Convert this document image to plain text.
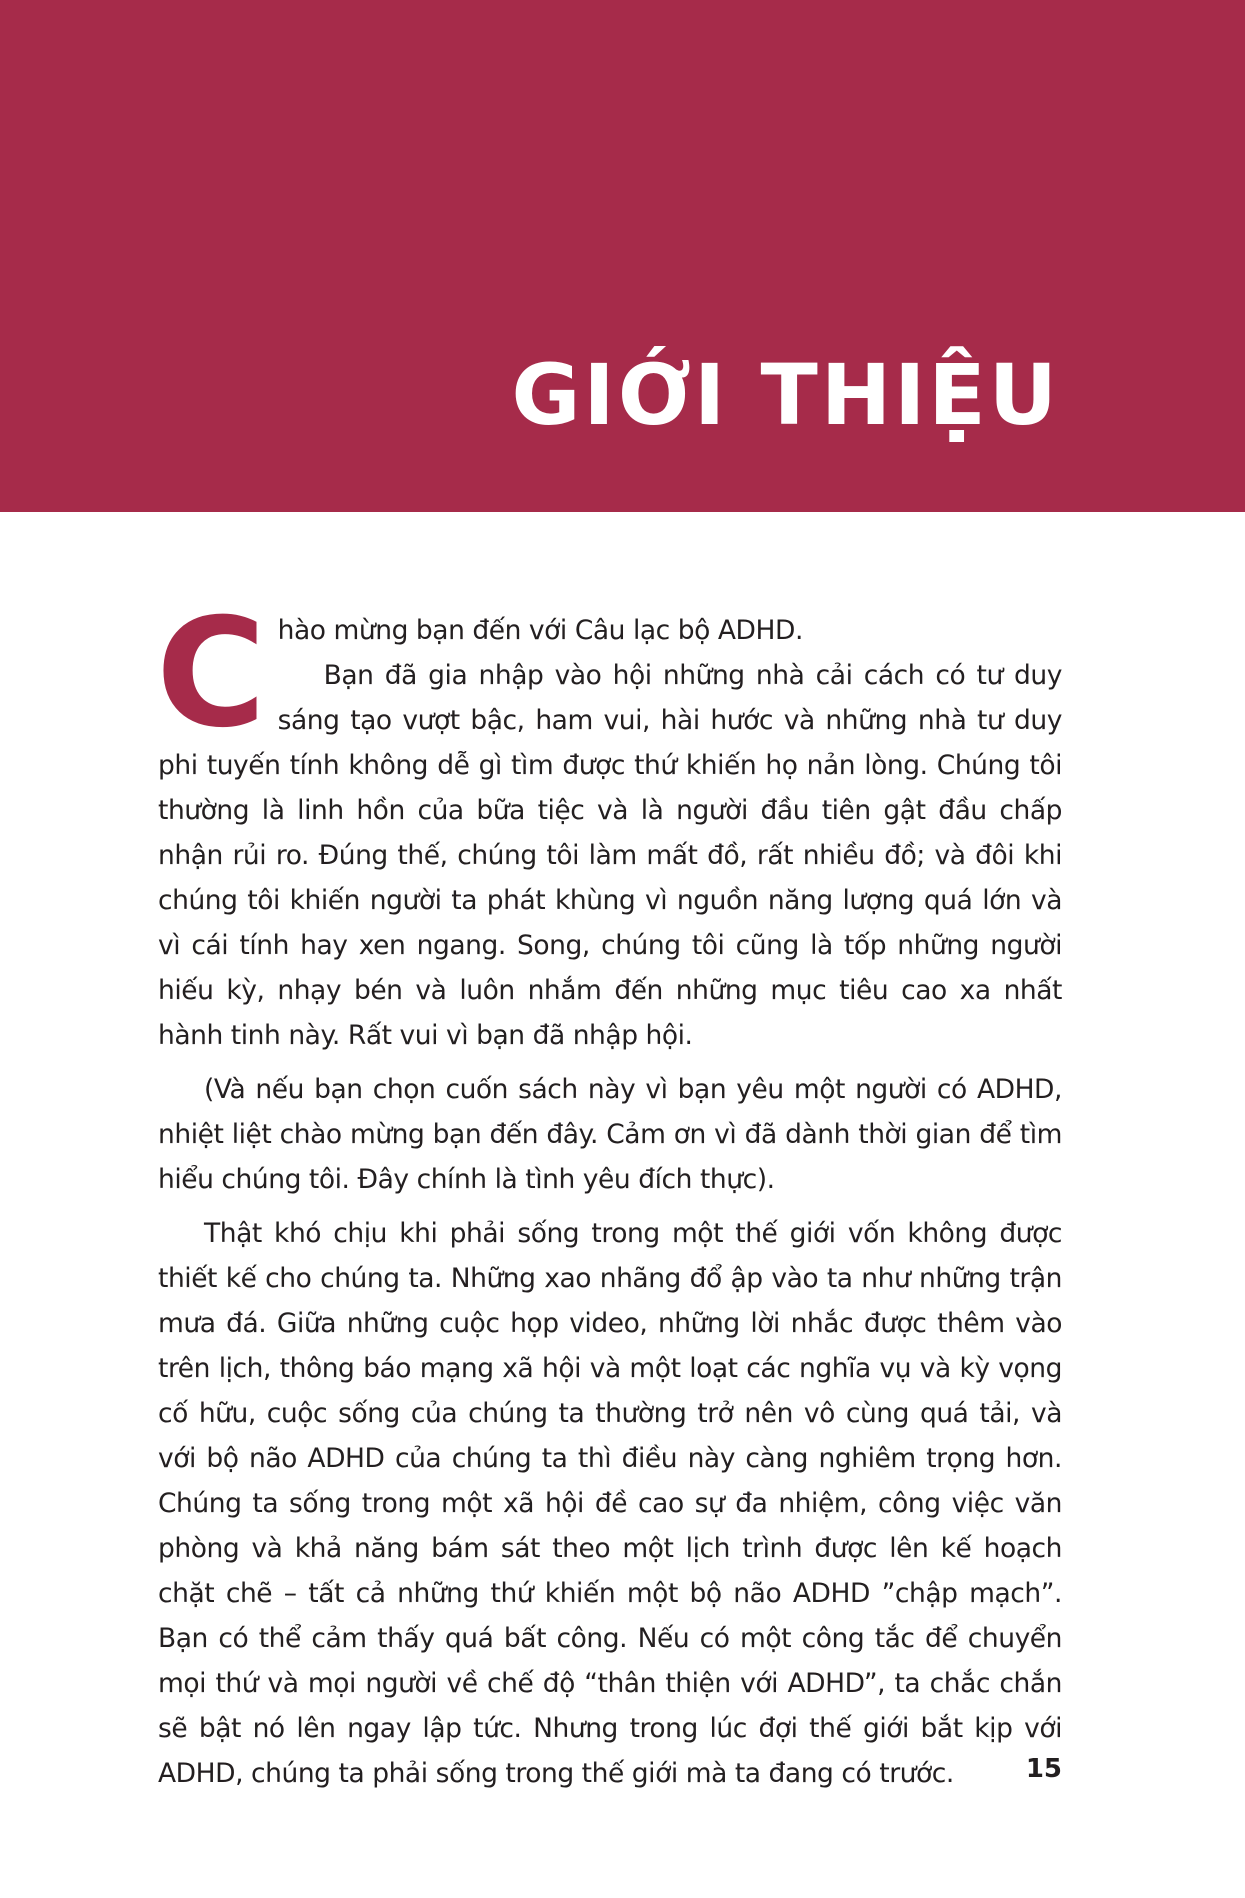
GIỚI THIỆU
C hào mừng bạn đến với Câu lạc bộ ADHD.

Bạn đã gia nhập vào hội những nhà cải cách có tư duy sáng tạo vượt bậc, ham vui, hài hước và những nhà tư duy phi tuyến tính không dễ gì tìm được thứ khiến họ nản lòng. Chúng tôi thường là linh hồn của bữa tiệc và là người đầu tiên gật đầu chấp nhận rủi ro. Đúng thế, chúng tôi làm mất đồ, rất nhiều đồ; và đôi khi chúng tôi khiến người ta phát khùng vì nguồn năng lượng quá lớn và vì cái tính hay xen ngang. Song, chúng tôi cũng là tốp những người hiếu kỳ, nhạy bén và luôn nhắm đến những mục tiêu cao xa nhất hành tinh này. Rất vui vì bạn đã nhập hội.

(Và nếu bạn chọn cuốn sách này vì bạn yêu một người có ADHD, nhiệt liệt chào mừng bạn đến đây. Cảm ơn vì đã dành thời gian để tìm hiểu chúng tôi. Đây chính là tình yêu đích thực).

Thật khó chịu khi phải sống trong một thế giới vốn không được thiết kế cho chúng ta. Những xao nhãng đổ ập vào ta như những trận mưa đá. Giữa những cuộc họp video, những lời nhắc được thêm vào trên lịch, thông báo mạng xã hội và một loạt các nghĩa vụ và kỳ vọng cố hữu, cuộc sống của chúng ta thường trở nên vô cùng quá tải, và với bộ não ADHD của chúng ta thì điều này càng nghiêm trọng hơn. Chúng ta sống trong một xã hội đề cao sự đa nhiệm, công việc văn phòng và khả năng bám sát theo một lịch trình được lên kế hoạch chặt chẽ – tất cả những thứ khiến một bộ não ADHD ”chập mạch”. Bạn có thể cảm thấy quá bất công. Nếu có một công tắc để chuyển mọi thứ và mọi người về chế độ “thân thiện với ADHD”, ta chắc chắn sẽ bật nó lên ngay lập tức. Nhưng trong lúc đợi thế giới bắt kịp với ADHD, chúng ta phải sống trong thế giới mà ta đang có trước.	15
